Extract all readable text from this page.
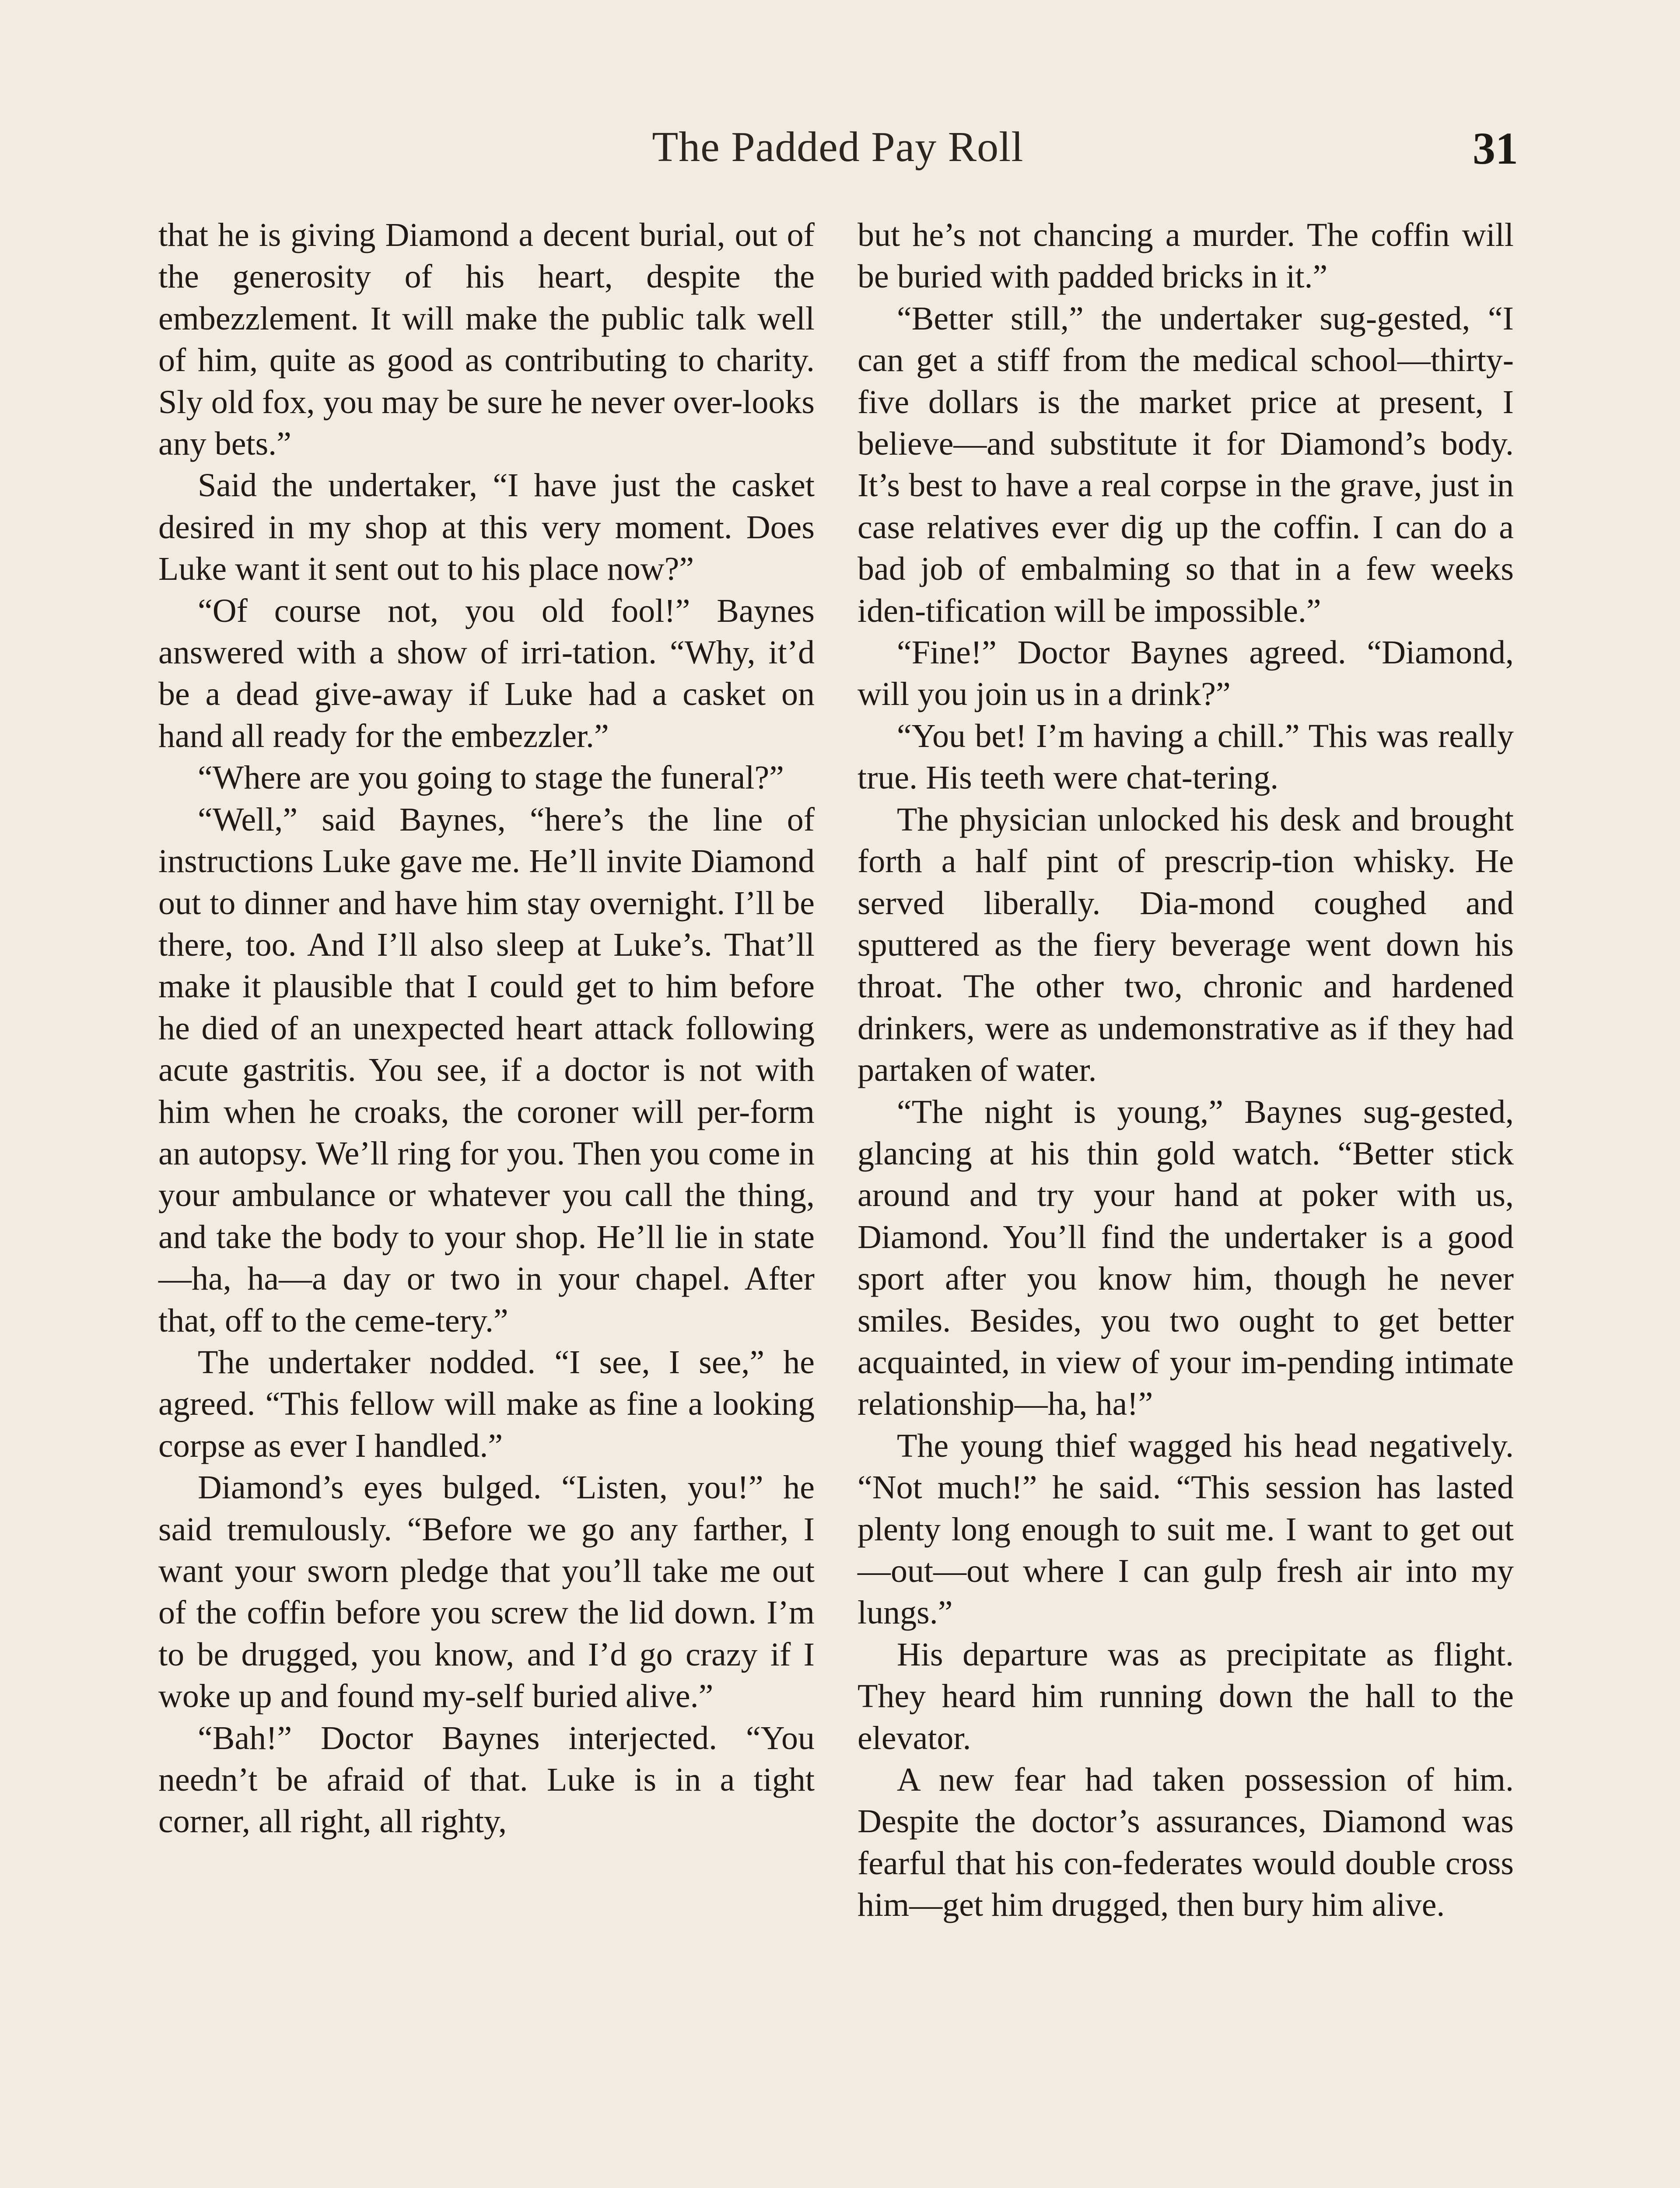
The Padded Pay Roll	31

that he is giving Diamond a decent burial, out of the generosity of his heart, despite the embezzlement. It will make the public talk well of him, quite as good as contributing to charity. Sly old fox, you may be sure he never over-looks any bets.”

Said the undertaker, “I have just the casket desired in my shop at this very moment. Does Luke want it sent out to his place now?”

“Of course not, you old fool!” Baynes answered with a show of irri-tation. “Why, it’d be a dead give-away if Luke had a casket on hand all ready for the embezzler.”

“Where are you going to stage the funeral?”

“Well,” said Baynes, “here’s the line of instructions Luke gave me. He’ll invite Diamond out to dinner and have him stay overnight. I’ll be there, too. And I’ll also sleep at Luke’s. That’ll make it plausible that I could get to him before he died of an unexpected heart attack following acute gastritis. You see, if a doctor is not with him when he croaks, the coroner will per-form an autopsy. We’ll ring for you. Then you come in your ambulance or whatever you call the thing, and take the body to your shop. He’ll lie in state—ha, ha—a day or two in your chapel. After that, off to the ceme-tery.”

The undertaker nodded. “I see, I see,” he agreed. “This fellow will make as fine a looking corpse as ever I handled.”

Diamond’s eyes bulged. “Listen, you!” he said tremulously. “Before we go any farther, I want your sworn pledge that you’ll take me out of the coffin before you screw the lid down. I’m to be drugged, you know, and I’d go crazy if I woke up and found my-self buried alive.”

“Bah!” Doctor Baynes interjected. “You needn’t be afraid of that. Luke is in a tight corner, all right, all righty,

but he’s not chancing a murder. The coffin will be buried with padded bricks in it.”

“Better still,” the undertaker sug-gested, “I can get a stiff from the medical school—thirty-five dollars is the market price at present, I believe—and substitute it for Diamond’s body. It’s best to have a real corpse in the grave, just in case relatives ever dig up the coffin. I can do a bad job of embalming so that in a few weeks iden-tification will be impossible.”

“Fine!” Doctor Baynes agreed. “Diamond, will you join us in a drink?”

“You bet! I’m having a chill.” This was really true. His teeth were chat-tering.

The physician unlocked his desk and brought forth a half pint of prescrip-tion whisky. He served liberally. Dia-mond coughed and sputtered as the fiery beverage went down his throat. The other two, chronic and hardened drinkers, were as undemonstrative as if they had partaken of water.

“The night is young,” Baynes sug-gested, glancing at his thin gold watch. “Better stick around and try your hand at poker with us, Diamond. You’ll find the undertaker is a good sport after you know him, though he never smiles. Besides, you two ought to get better acquainted, in view of your im-pending intimate relationship—ha, ha!”

The young thief wagged his head negatively. “Not much!” he said. “This session has lasted plenty long enough to suit me. I want to get out—out—out where I can gulp fresh air into my lungs.”

His departure was as precipitate as flight. They heard him running down the hall to the elevator.

A new fear had taken possession of him. Despite the doctor’s assurances, Diamond was fearful that his con-federates would double cross him—get him drugged, then bury him alive.
